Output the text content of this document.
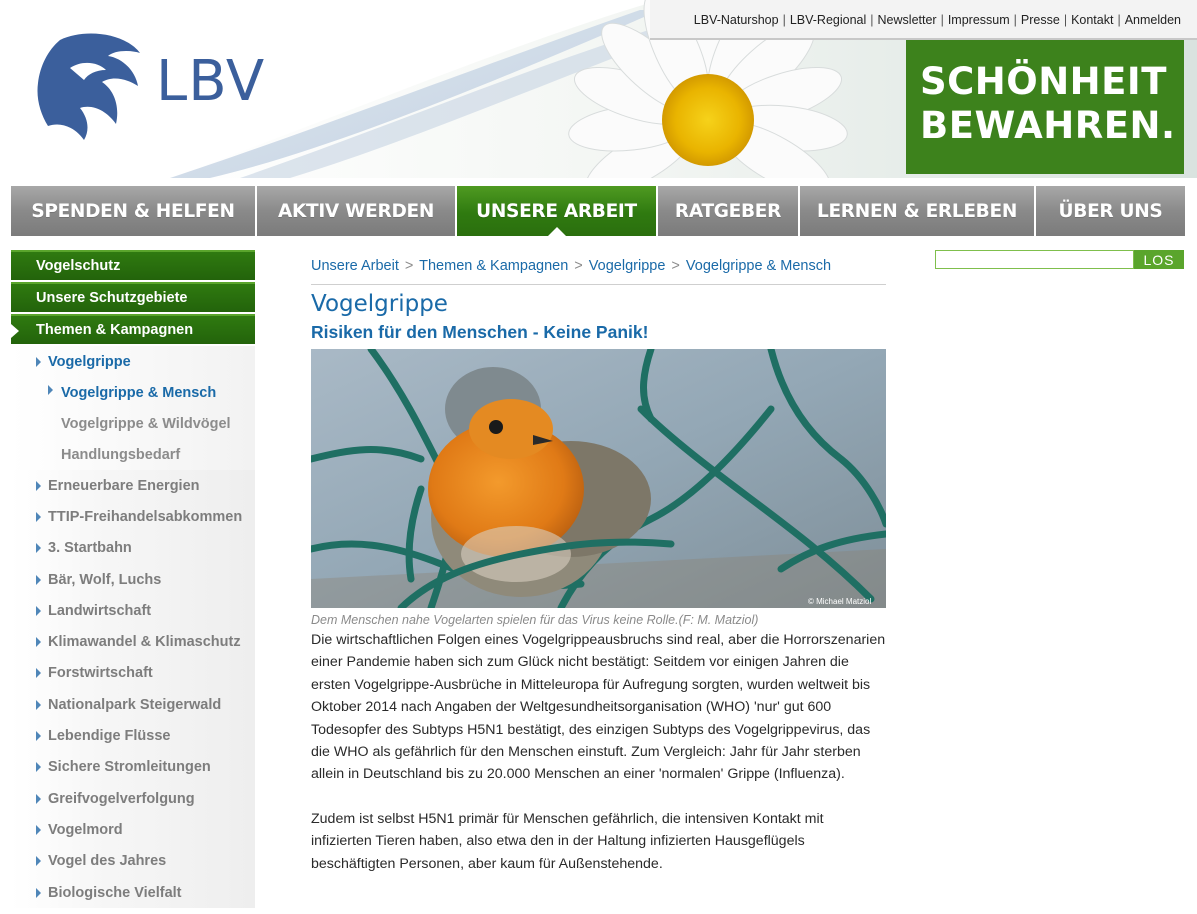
LBV
LBV-Naturshop | LBV-Regional | Newsletter | Impressum | Presse | Kontakt | Anmelden
SCHÖNHEIT
BEWAHREN.
SPENDEN & HELFEN	AKTIV WERDEN	UNSERE ARBEIT	RATGEBER	LERNEN & ERLEBEN	ÜBER UNS
Vogelschutz
Unsere Schutzgebiete
Themen & Kampagnen
Vogelgrippe
Vogelgrippe & Mensch
Vogelgrippe & Wildvögel
Handlungsbedarf
Erneuerbare Energien
TTIP-Freihandelsabkommen
3. Startbahn
Bär, Wolf, Luchs
Landwirtschaft
Klimawandel & Klimaschutz
Forstwirtschaft
Nationalpark Steigerwald
Lebendige Flüsse
Sichere Stromleitungen
Greifvogelverfolgung
Vogelmord
Vogel des Jahres
Biologische Vielfalt
Unsere Arbeit > Themen & Kampagnen > Vogelgrippe > Vogelgrippe & Mensch
Vogelgrippe
Risiken für den Menschen - Keine Panik!
© Michael Matziol
Dem Menschen nahe Vogelarten spielen für das Virus keine Rolle.(F: M. Matziol)

Die wirtschaftlichen Folgen eines Vogelgrippeausbruchs sind real, aber die Horrorszenarien einer Pandemie haben sich zum Glück nicht bestätigt: Seitdem vor einigen Jahren die ersten Vogelgrippe-Ausbrüche in Mitteleuropa für Aufregung sorgten, wurden weltweit bis Oktober 2014 nach Angaben der Weltgesundheitsorganisation (WHO) 'nur' gut 600 Todesopfer des Subtyps H5N1 bestätigt, des einzigen Subtyps des Vogelgrippevirus, das die WHO als gefährlich für den Menschen einstuft. Zum Vergleich: Jahr für Jahr sterben allein in Deutschland bis zu 20.000 Menschen an einer 'normalen' Grippe (Influenza).

Zudem ist selbst H5N1 primär für Menschen gefährlich, die intensiven Kontakt mit infizierten Tieren haben, also etwa den in der Haltung infizierten Hausgeflügels beschäftigten Personen, aber kaum für Außenstehende.

LOS
